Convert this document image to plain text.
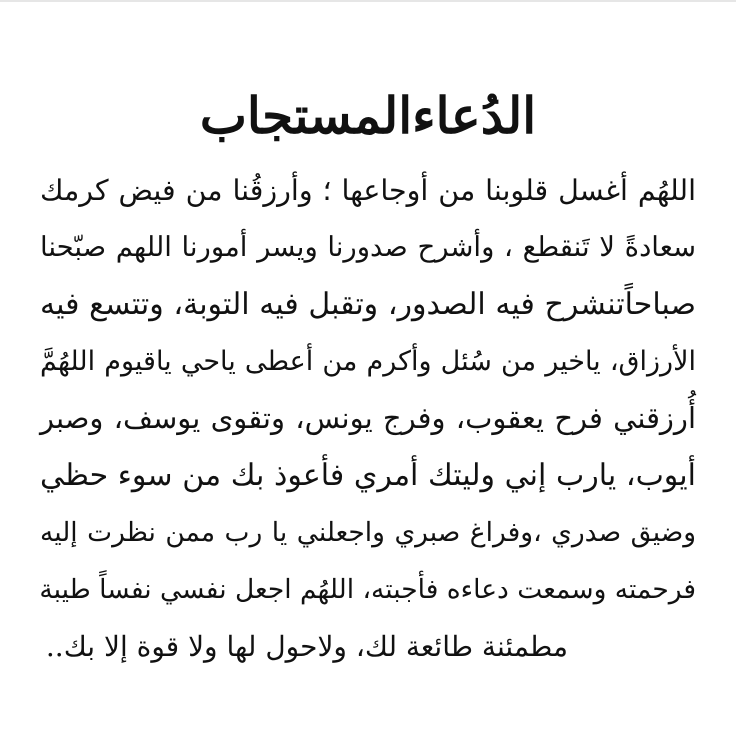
الدُعاءالمستجاب
اللهُم أغسل قلوبنا من أوجاعها ؛ وأرزقُنا من فيض كرمك
سعادةً لا تَنقطع ، وأشرح صدورنا ويسر أمورنا اللهم صبّحنا
صباحاًتنشرح فيه الصدور، وتقبل فيه التوبة، وتتسع فيه
الأرزاق، ياخير من سُئل وأكرم من أعطى ياحي ياقيوم اللهُمَّ
أُرزقني فرح يعقوب، وفرج يونس، وتقوى يوسف، وصبر
أيوب، يارب إني وليتك أمري فأعوذ بك من سوء حظي
وضيق صدري ،وفراغ صبري واجعلني يا رب ممن نظرت إليه
فرحمته وسمعت دعاءه فأجبته، اللهُم اجعل نفسي نفساً طيبة
مطمئنة طائعة لك، ولاحول لها ولا قوة إلا بك..
